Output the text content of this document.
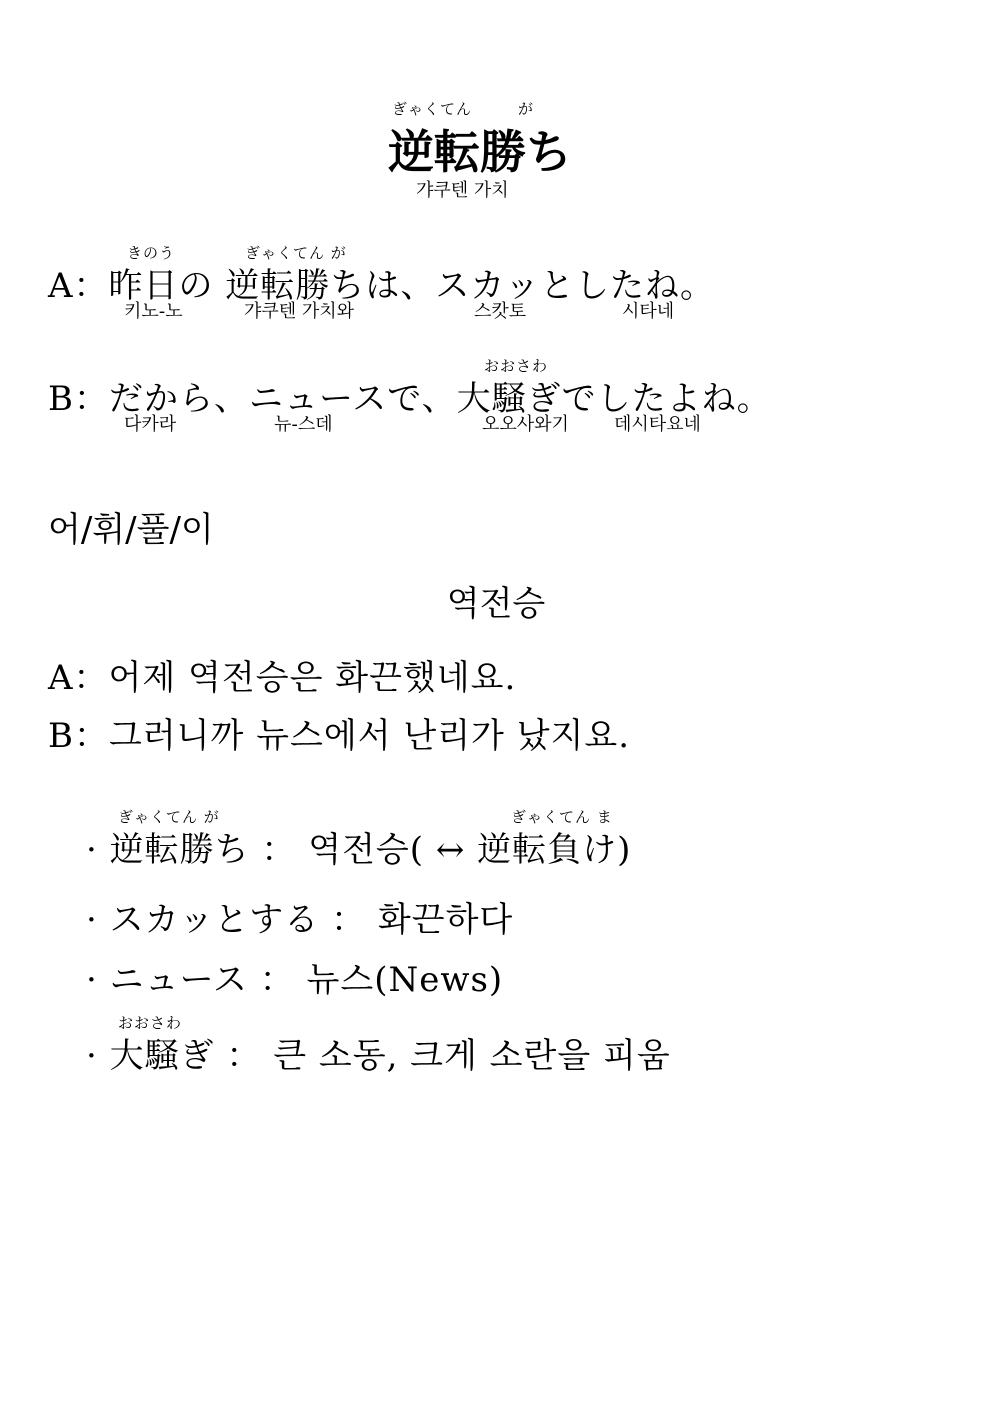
ぎゃくてん	が
逆転勝ち
갸쿠텐 가치
きのう	ぎゃくてん が
A：昨日の 逆転勝ちは、スカッとしたね。
키노-노	갸쿠텐 가치와	스캇토	시타네
おおさわ
B：だから、ニュースで、大騒ぎでしたよね。
다카라	뉴-스데	오오사와기	데시타요네
어/휘/풀/이
역전승
A：어제 역전승은 화끈했네요.
B：그러니까 뉴스에서 난리가 났지요.
ぎゃくてん が	ぎゃくてん ま
· 逆転勝ち ： 역전승( ↔ 逆転負け)
· スカッとする ： 화끈하다
· ニュース ： 뉴스(News)
おおさわ
· 大騒ぎ ： 큰 소동, 크게 소란을 피움
